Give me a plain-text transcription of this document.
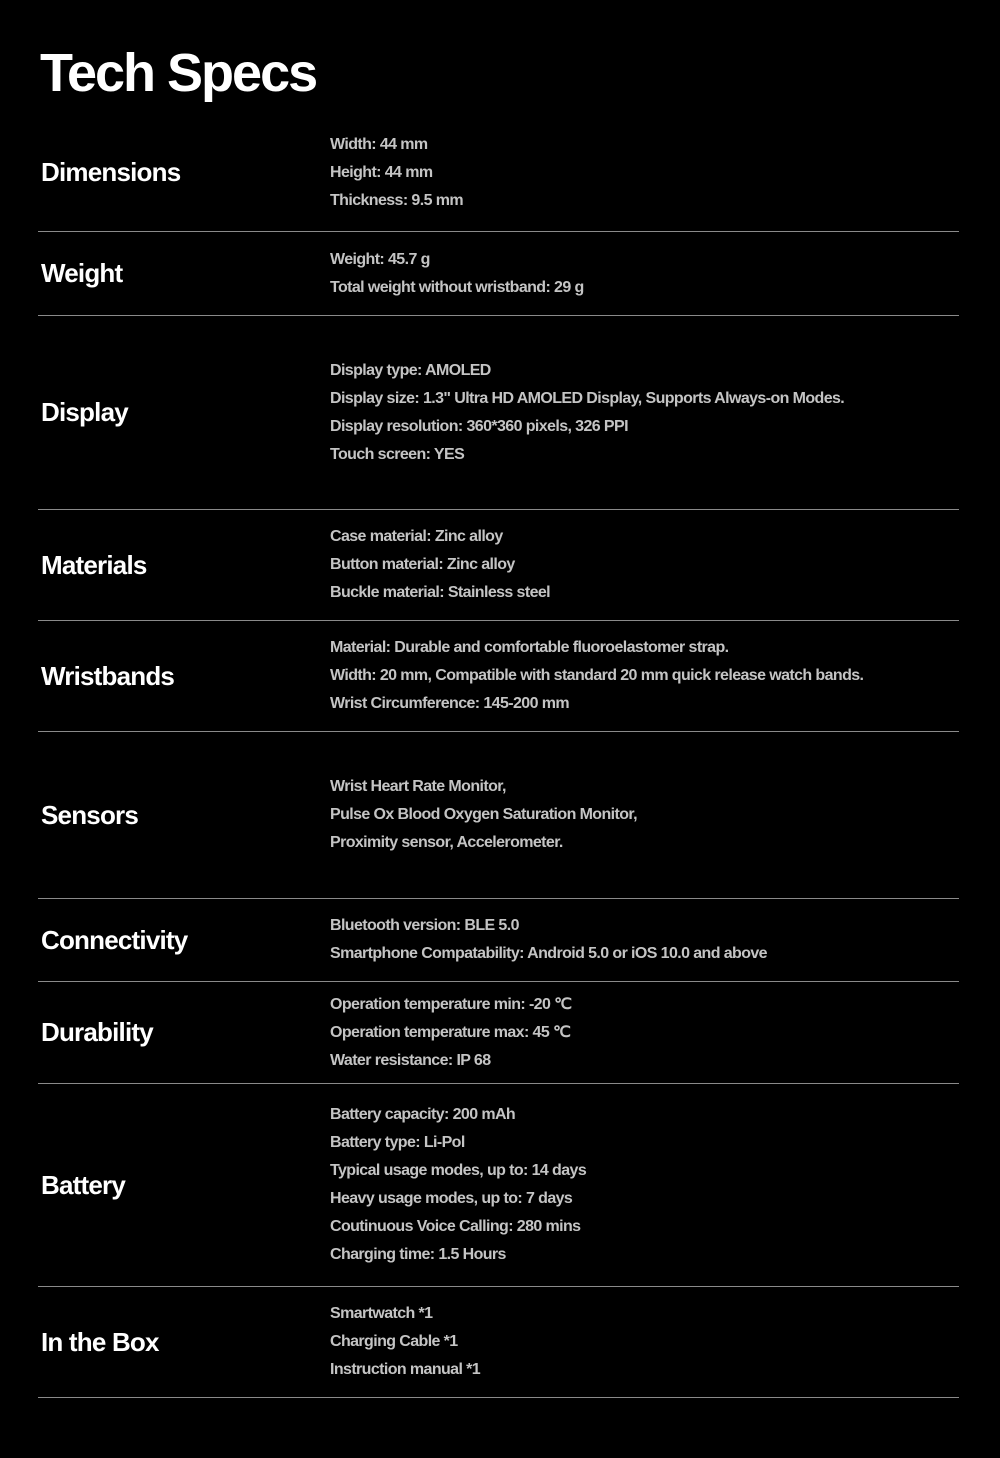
Tech Specs
Dimensions
Width: 44 mm
Height: 44 mm
Thickness: 9.5 mm
Weight	Weight: 45.7 g
Total weight without wristband: 29 g
Display
Display type: AMOLED
Display size: 1.3" Ultra HD AMOLED Display, Supports Always-on Modes.
Display resolution: 360*360 pixels, 326 PPI
Touch screen: YES
Materials
Case material: Zinc alloy
Button material: Zinc alloy
Buckle material: Stainless steel
Wristbands
Material: Durable and comfortable fluoroelastomer strap.
Width: 20 mm, Compatible with standard 20 mm quick release watch bands.
Wrist Circumference: 145-200 mm
Sensors
Wrist Heart Rate Monitor,
Pulse Ox Blood Oxygen Saturation Monitor,
Proximity sensor, Accelerometer.
Connectivity	Bluetooth version: BLE 5.0
Smartphone Compatability: Android 5.0 or iOS 10.0 and above
Durability
Operation temperature min: -20 ℃
Operation temperature max: 45 ℃
Water resistance: IP 68
Battery
Battery capacity: 200 mAh
Battery type: Li-Pol
Typical usage modes, up to: 14 days
Heavy usage modes, up to: 7 days
Coutinuous Voice Calling: 280 mins
Charging time: 1.5 Hours
In the Box
Smartwatch *1
Charging Cable *1
Instruction manual *1
